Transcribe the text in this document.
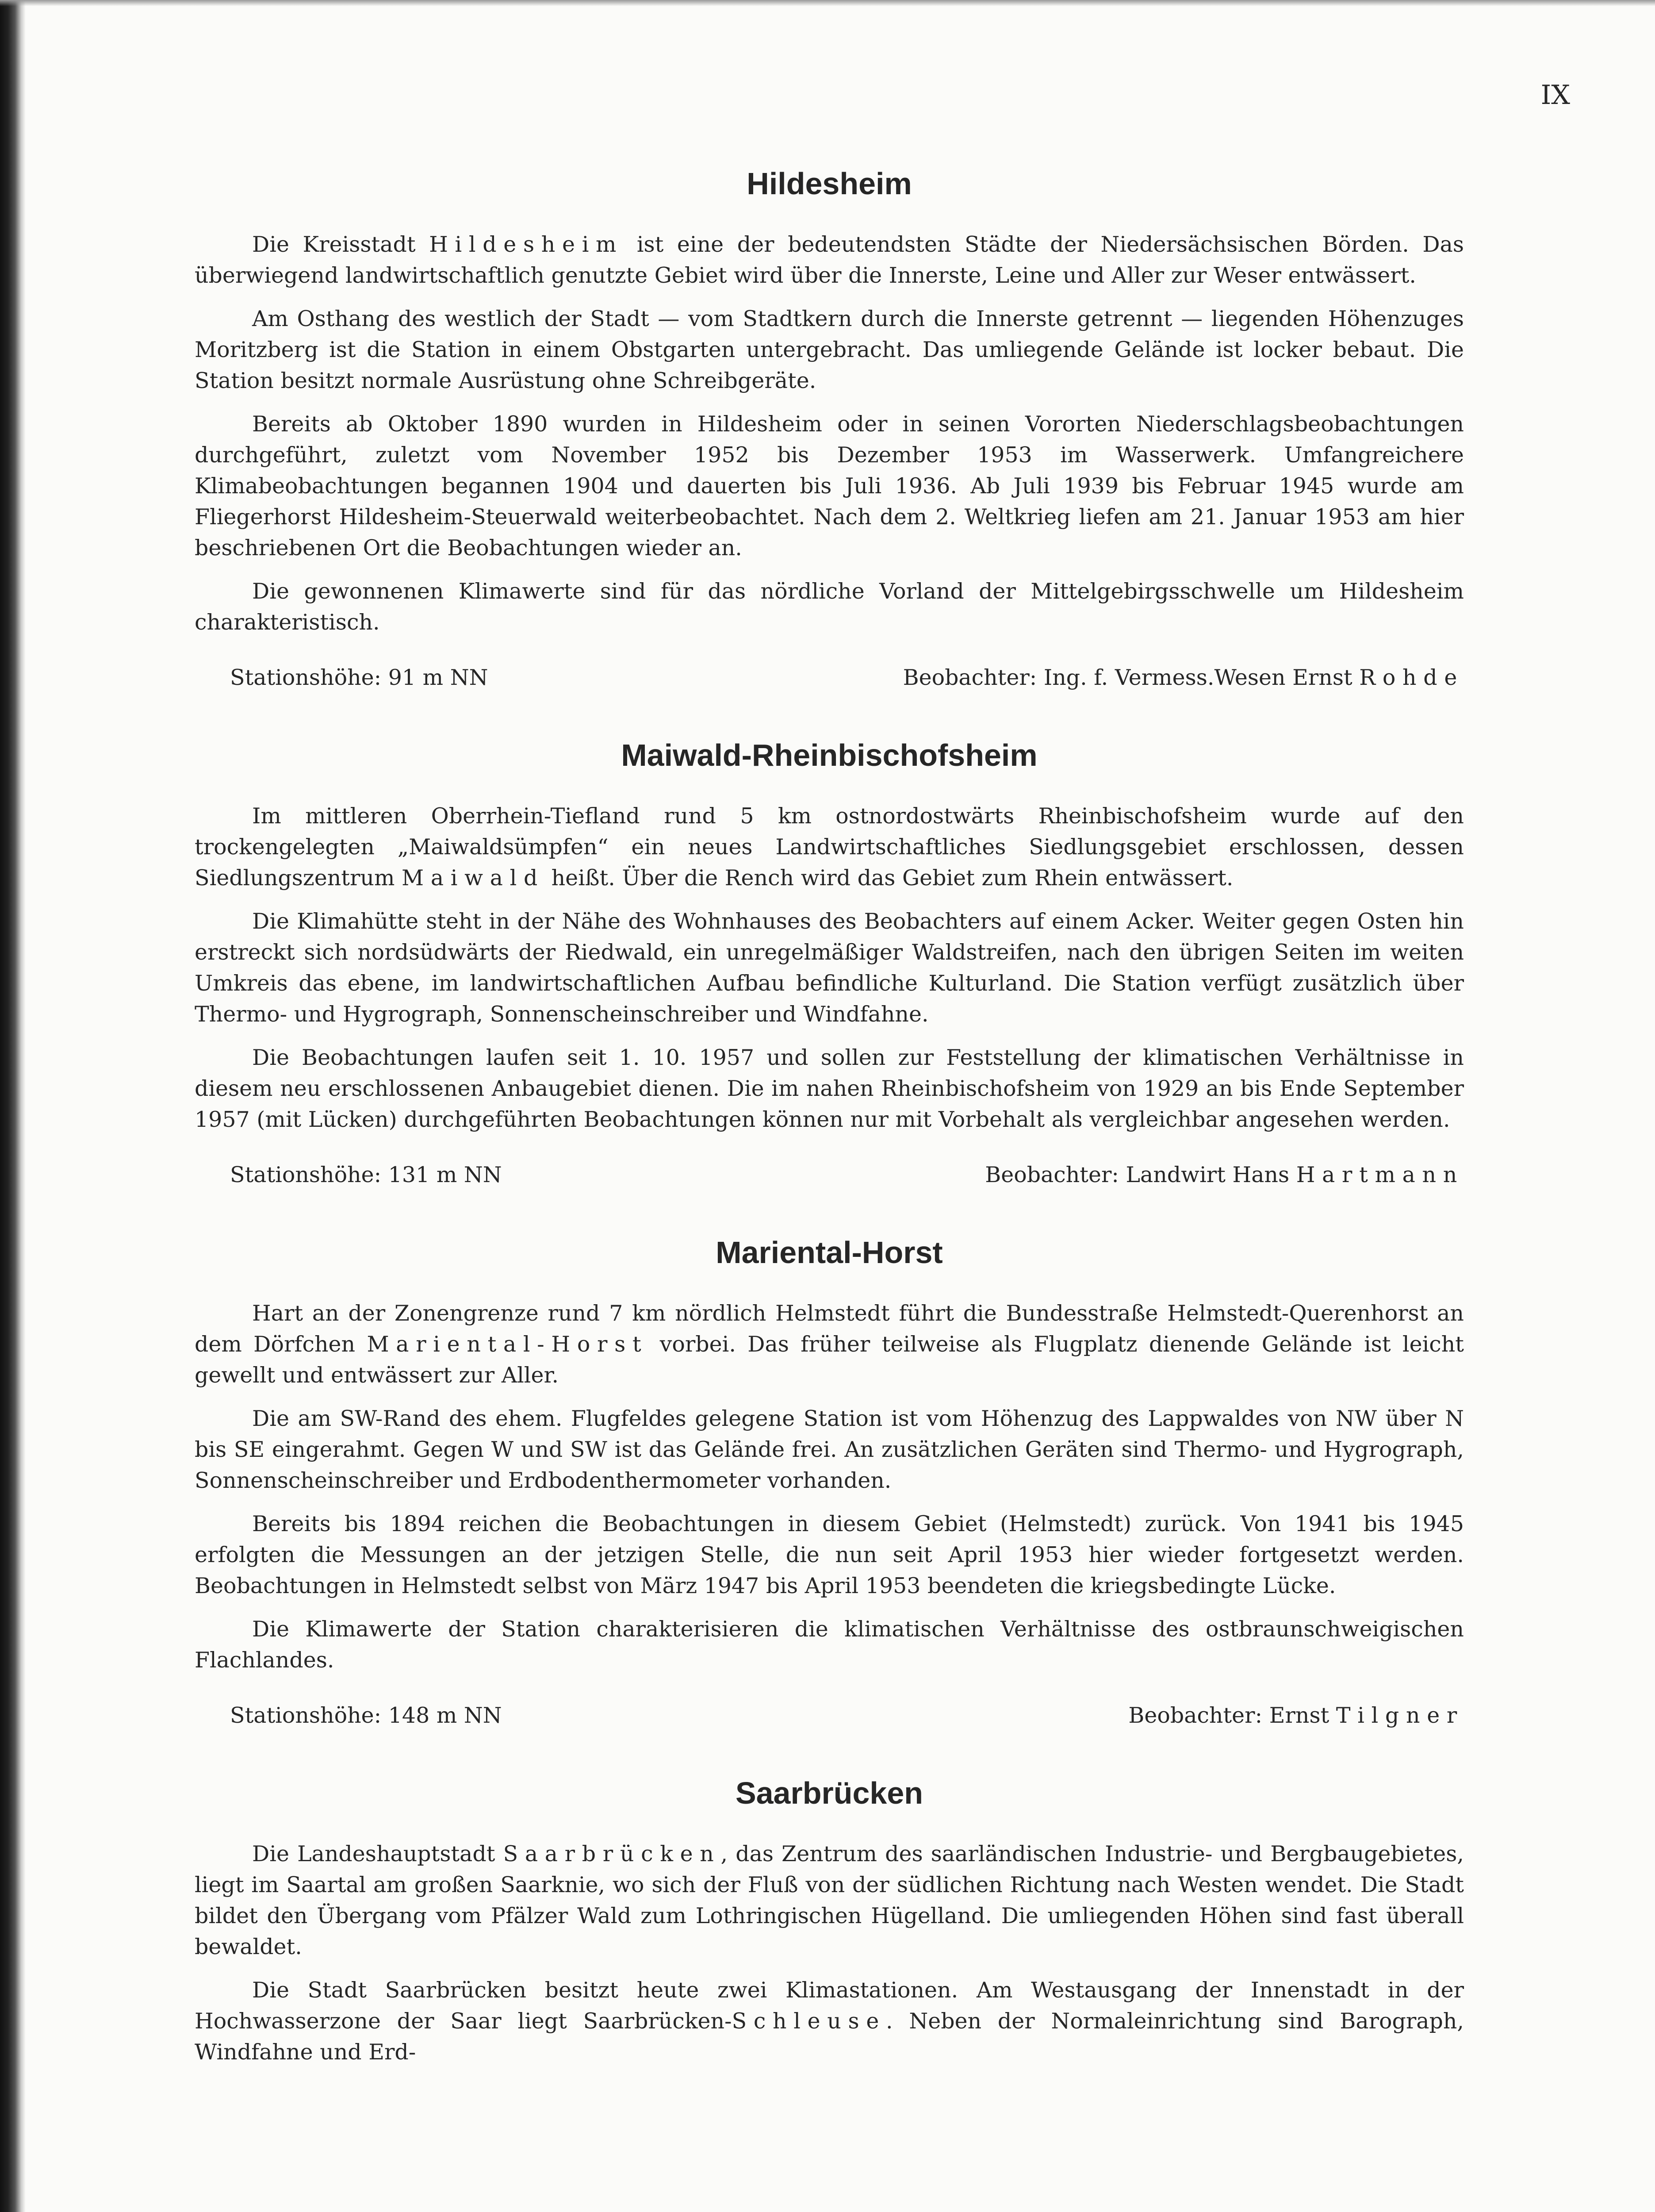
IX
Hildesheim

Die Kreisstadt Hildesheim ist eine der bedeutendsten Städte der Niedersächsischen Börden. Das überwiegend landwirtschaftlich genutzte Gebiet wird über die Innerste, Leine und Aller zur Weser entwässert.

Am Osthang des westlich der Stadt — vom Stadtkern durch die Innerste getrennt — liegenden Höhenzuges Moritzberg ist die Station in einem Obstgarten untergebracht. Das umliegende Gelände ist locker bebaut. Die Station besitzt normale Ausrüstung ohne Schreibgeräte.

Bereits ab Oktober 1890 wurden in Hildesheim oder in seinen Vororten Niederschlagsbeobachtungen durchgeführt, zuletzt vom November 1952 bis Dezember 1953 im Wasserwerk. Umfangreichere Klimabeobachtungen begannen 1904 und dauerten bis Juli 1936. Ab Juli 1939 bis Februar 1945 wurde am Fliegerhorst Hildesheim-Steuerwald weiterbeobachtet. Nach dem 2. Weltkrieg liefen am 21. Januar 1953 am hier beschriebenen Ort die Beobachtungen wieder an.

Die gewonnenen Klimawerte sind für das nördliche Vorland der Mittelgebirgsschwelle um Hildesheim charakteristisch.

Stationshöhe: 91 m NN	Beobachter: Ing. f. Vermess.Wesen Ernst Rohde
Maiwald-Rheinbischofsheim

Im mittleren Oberrhein-Tiefland rund 5 km ostnordostwärts Rheinbischofsheim wurde auf den trockengelegten „Maiwaldsümpfen“ ein neues Landwirtschaftliches Siedlungsgebiet erschlossen, dessen Siedlungszentrum Maiwald heißt. Über die Rench wird das Gebiet zum Rhein entwässert.

Die Klimahütte steht in der Nähe des Wohnhauses des Beobachters auf einem Acker. Weiter gegen Osten hin erstreckt sich nordsüdwärts der Riedwald, ein unregelmäßiger Waldstreifen, nach den übrigen Seiten im weiten Umkreis das ebene, im landwirtschaftlichen Aufbau befindliche Kulturland. Die Station verfügt zusätzlich über Thermo- und Hygrograph, Sonnenscheinschreiber und Windfahne.

Die Beobachtungen laufen seit 1. 10. 1957 und sollen zur Feststellung der klimatischen Verhältnisse in diesem neu erschlossenen Anbaugebiet dienen. Die im nahen Rheinbischofsheim von 1929 an bis Ende September 1957 (mit Lücken) durchgeführten Beobachtungen können nur mit Vorbehalt als vergleichbar angesehen werden.

Stationshöhe: 131 m NN	Beobachter: Landwirt Hans Hartmann
Mariental-Horst

Hart an der Zonengrenze rund 7 km nördlich Helmstedt führt die Bundesstraße Helmstedt-Querenhorst an dem Dörfchen Mariental-Horst vorbei. Das früher teilweise als Flugplatz dienende Gelände ist leicht gewellt und entwässert zur Aller.

Die am SW-Rand des ehem. Flugfeldes gelegene Station ist vom Höhenzug des Lappwaldes von NW über N bis SE eingerahmt. Gegen W und SW ist das Gelände frei. An zusätzlichen Geräten sind Thermo- und Hygrograph, Sonnenscheinschreiber und Erdbodenthermometer vorhanden.

Bereits bis 1894 reichen die Beobachtungen in diesem Gebiet (Helmstedt) zurück. Von 1941 bis 1945 erfolgten die Messungen an der jetzigen Stelle, die nun seit April 1953 hier wieder fortgesetzt werden. Beobachtungen in Helmstedt selbst von März 1947 bis April 1953 beendeten die kriegsbedingte Lücke.

Die Klimawerte der Station charakterisieren die klimatischen Verhältnisse des ostbraunschweigischen Flachlandes.

Stationshöhe: 148 m NN	Beobachter: Ernst Tilgner
Saarbrücken

Die Landeshauptstadt Saarbrücken, das Zentrum des saarländischen Industrie- und Bergbaugebietes, liegt im Saartal am großen Saarknie, wo sich der Fluß von der südlichen Richtung nach Westen wendet. Die Stadt bildet den Übergang vom Pfälzer Wald zum Lothringischen Hügelland. Die umliegenden Höhen sind fast überall bewaldet.

Die Stadt Saarbrücken besitzt heute zwei Klimastationen. Am Westausgang der Innenstadt in der Hochwasserzone der Saar liegt Saarbrücken-Schleuse. Neben der Normaleinrichtung sind Barograph, Windfahne und Erd-
